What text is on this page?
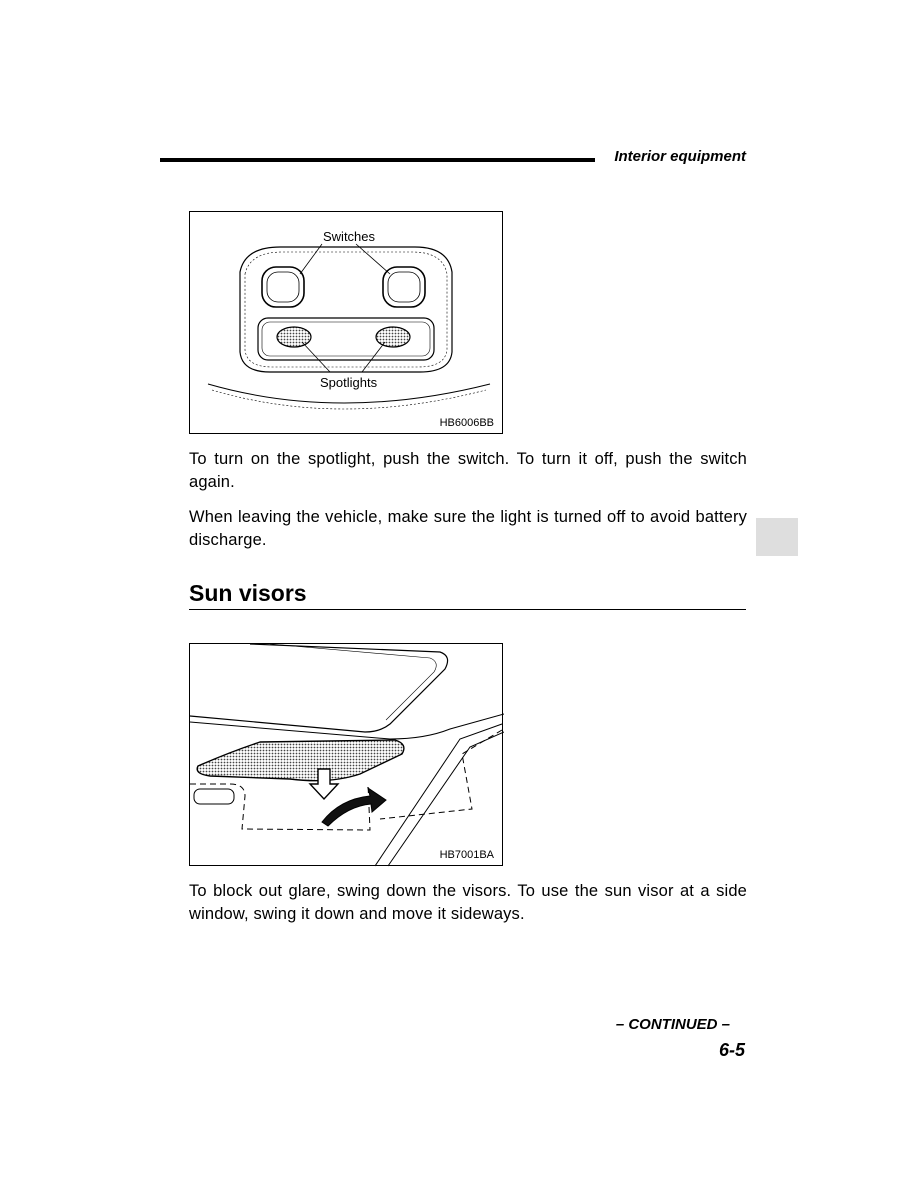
Interior equipment
Switches
Spotlights
HB6006BB
To turn on the spotlight, push the switch. To turn it off, push the switch again.
When leaving the vehicle, make sure the light is turned off to avoid battery discharge.
Sun visors
HB7001BA
To block out glare, swing down the visors. To use the sun visor at a side window, swing it down and move it sideways.
– CONTINUED –
6-5
